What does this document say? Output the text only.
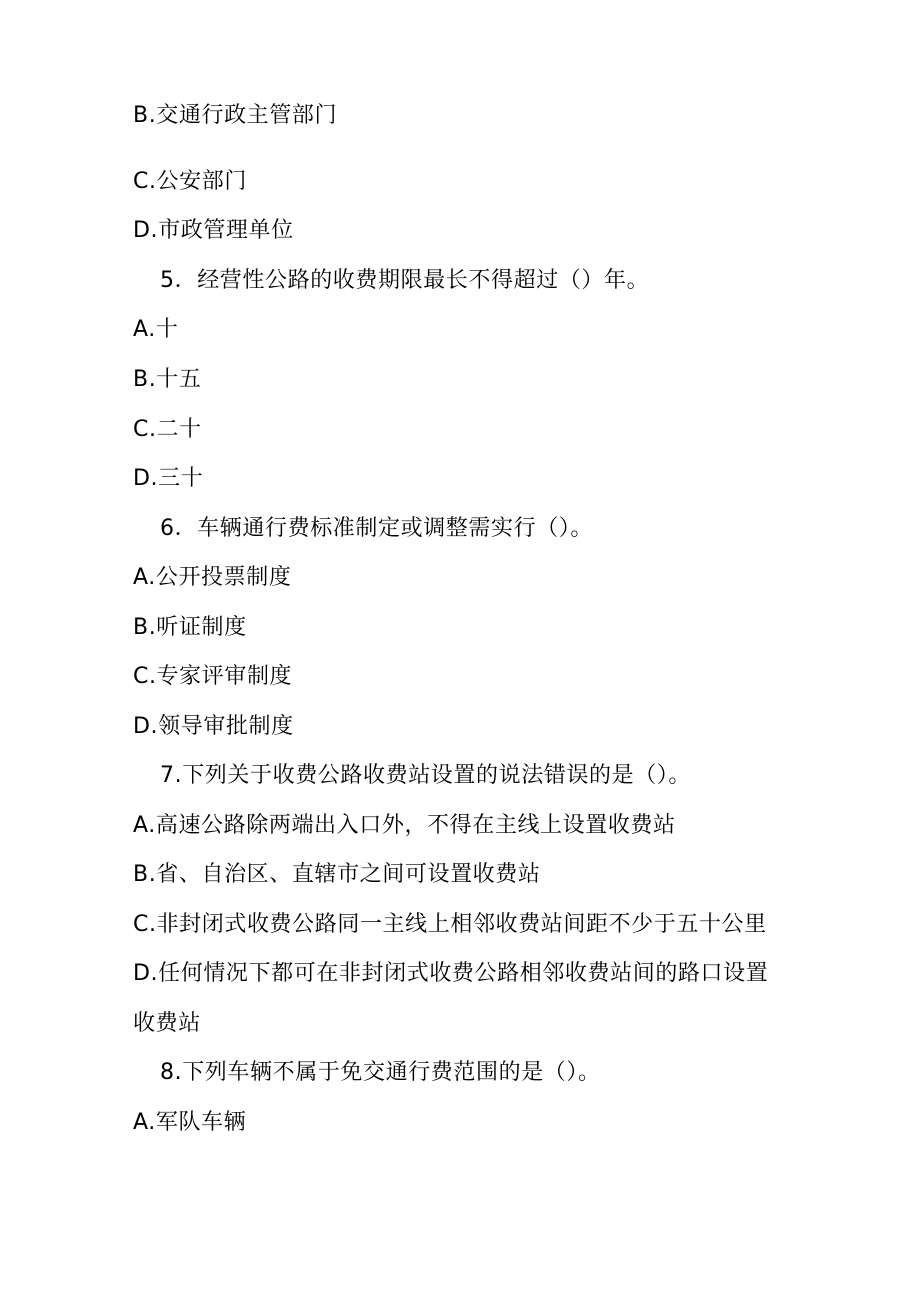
B.交通行政主管部门
C.公安部门
D.市政管理单位
5．经营性公路的收费期限最长不得超过（）年。
A.十
B.十五
C.二十
D.三十
6．车辆通行费标准制定或调整需实行（）。
A.公开投票制度
B.听证制度
C.专家评审制度
D.领导审批制度
7.下列关于收费公路收费站设置的说法错误的是（）。
A.高速公路除两端出入口外，不得在主线上设置收费站
B.省、自治区、直辖市之间可设置收费站
C.非封闭式收费公路同一主线上相邻收费站间距不少于五十公里
D.任何情况下都可在非封闭式收费公路相邻收费站间的路口设置
收费站
8.下列车辆不属于免交通行费范围的是（）。
A.军队车辆
